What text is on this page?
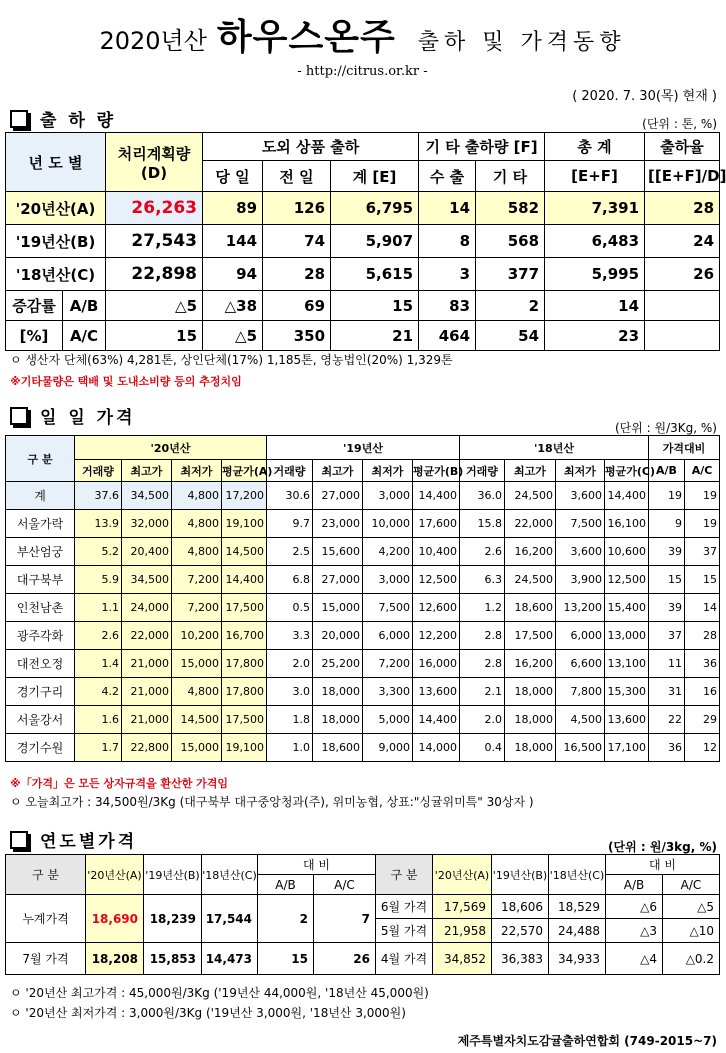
2020년산 하우스온주 출하 및 가격동향
- http://citrus.or.kr -
( 2020. 7. 30(목) 현재 )
출 하 량	(단위 : 톤, %)
년 도 별		처리계획량
(D)	도외 상품 출하			기 타 출하량 [F]		총 계	출하율
			당 일	전 일	계 [E]	수 출	기 타	[E+F]	[[E+F]/D]
'20년산(A)		26,263	89	126	6,795	14	582	7,391	28
'19년산(B)		27,543	144	74	5,907	8	568	6,483	24
'18년산(C)		22,898	94	28	5,615	3	377	5,995	26
증감률	A/B	△5	△38	69	15	83	2	14	
[%]	A/C	15	△5	350	21	464	54	23	
ㅇ 생산자 단체(63%) 4,281톤, 상인단체(17%) 1,185톤, 영농법인(20%) 1,329톤
※기타물량은 택배 및 도내소비량 등의 추정치임
일 일 가격	(단위 : 원/3Kg, %)
구 분	'20년산				'19년산				'18년산				가격대비	
	거래량	최고가	최저가	평균가(A)	거래량	최고가	최저가	평균가(B)	거래량	최고가	최저가	평균가(C)	A/B	A/C
계	37.6	34,500	4,800	17,200	30.6	27,000	3,000	14,400	36.0	24,500	3,600	14,400	19	19
서울가락	13.9	32,000	4,800	19,100	9.7	23,000	10,000	17,600	15.8	22,000	7,500	16,100	9	19
부산엄궁	5.2	20,400	4,800	14,500	2.5	15,600	4,200	10,400	2.6	16,200	3,600	10,600	39	37
대구북부	5.9	34,500	7,200	14,400	6.8	27,000	3,000	12,500	6.3	24,500	3,900	12,500	15	15
인천남촌	1.1	24,000	7,200	17,500	0.5	15,000	7,500	12,600	1.2	18,600	13,200	15,400	39	14
광주각화	2.6	22,000	10,200	16,700	3.3	20,000	6,000	12,200	2.8	17,500	6,000	13,000	37	28
대전오정	1.4	21,000	15,000	17,800	2.0	25,200	7,200	16,000	2.8	16,200	6,600	13,100	11	36
경기구리	4.2	21,000	4,800	17,800	3.0	18,000	3,300	13,600	2.1	18,000	7,800	15,300	31	16
서울강서	1.6	21,000	14,500	17,500	1.8	18,000	5,000	14,400	2.0	18,000	4,500	13,600	22	29
경기수원	1.7	22,800	15,000	19,100	1.0	18,600	9,000	14,000	0.4	18,000	16,500	17,100	36	12
※「가격」은 모든 상자규격을 환산한 가격임
ㅇ 오늘최고가 : 34,500원/3Kg (대구북부 대구중앙청과(주), 위미농협, 상표:"싱귤위미특" 30상자 )
연도별가격	(단위 : 원/3kg, %)
구 분	'20년산(A)	'19년산(B)	'18년산(C)	대 비		구 분	'20년산(A)	'19년산(B)	'18년산(C)	대 비	
				A/B	A/C					A/B	A/C
누계가격	18,690	18,239	17,544	2	7	6월 가격	17,569	18,606	18,529	△6	△5
						5월 가격	21,958	22,570	24,488	△3	△10
7월 가격	18,208	15,853	14,473	15	26	4월 가격	34,852	36,383	34,933	△4	△0.2
ㅇ '20년산 최고가격 : 45,000원/3Kg ('19년산 44,000원, '18년산 45,000원)
ㅇ '20년산 최저가격 : 3,000원/3Kg ('19년산 3,000원, '18년산 3,000원)
제주특별자치도감귤출하연합회 (749-2015~7)
